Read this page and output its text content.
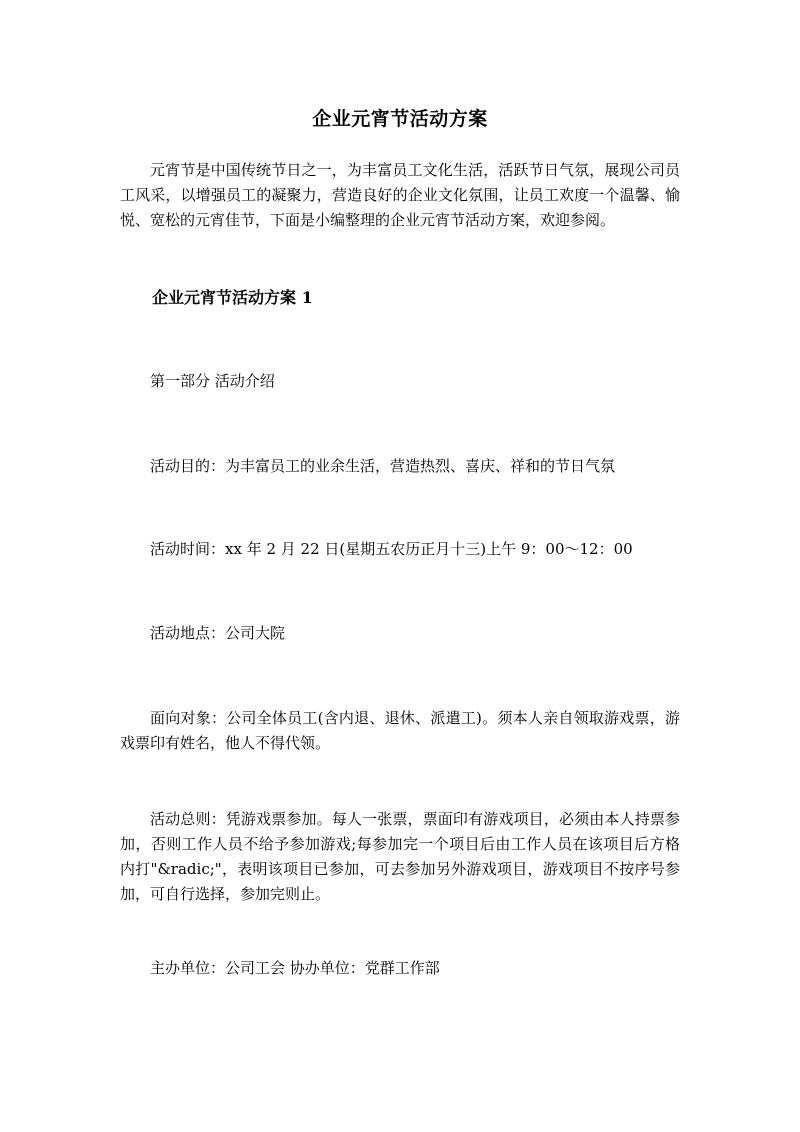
企业元宵节活动方案
元宵节是中国传统节日之一，为丰富员工文化生活，活跃节日气氛，展现公司员工风采，以增强员工的凝聚力，营造良好的企业文化氛围，让员工欢度一个温馨、愉悦、宽松的元宵佳节，下面是小编整理的企业元宵节活动方案，欢迎参阅。
企业元宵节活动方案 1
第一部分 活动介绍
活动目的：为丰富员工的业余生活，营造热烈、喜庆、祥和的节日气氛
活动时间：xx 年 2 月 22 日(星期五农历正月十三)上午 9：00～12：00
活动地点：公司大院
面向对象：公司全体员工(含内退、退休、派遣工)。须本人亲自领取游戏票，游戏票印有姓名，他人不得代领。
活动总则：凭游戏票参加。每人一张票，票面印有游戏项目，必须由本人持票参加，否则工作人员不给予参加游戏;每参加完一个项目后由工作人员在该项目后方格内打"&radic;"，表明该项目已参加，可去参加另外游戏项目，游戏项目不按序号参加，可自行选择，参加完则止。
主办单位：公司工会 协办单位：党群工作部
